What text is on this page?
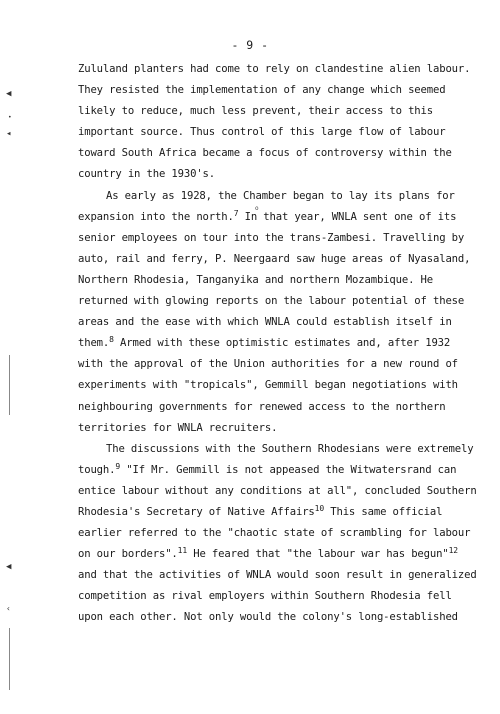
- 9 -
Zululand planters had come to rely on clandestine alien labour.
They resisted the implementation of any change which seemed
likely to reduce, much less prevent, their access to this
important source. Thus control of this large flow of labour
toward South Africa became a focus of controversy within the
country in the 1930's.
As early as 1928, the Chamber began to lay its plans for
expansion into the north.$^7$ In that year, WNLA sent one of its
senior employees on tour into the trans-Zambesi. Travelling by
auto, rail and ferry, P. Neergaard saw huge areas of Nyasaland,
Northern Rhodesia, Tanganyika and northern Mozambique. He
returned with glowing reports on the labour potential of these
areas and the ease with which WNLA could establish itself in
them.$^8$ Armed with these optimistic estimates and, after 1932
with the approval of the Union authorities for a new round of
experiments with "tropicals", Gemmill began negotiations with
neighbouring governments for renewed access to the northern
territories for WNLA recruiters.
The discussions with the Southern Rhodesians were extremely
tough.$^9$ "If Mr. Gemmill is not appeased the Witwatersrand can
entice labour without any conditions at all", concluded Southern
Rhodesia's Secretary of Native Affairs$^{10}$ This same official
earlier referred to the "chaotic state of scrambling for labour
on our borders".$^{11}$ He feared that "the labour war has begun"$^{12}$
and that the activities of WNLA would soon result in generalized
competition as rival employers within Southern Rhodesia fell
upon each other. Not only would the colony's long-established
◀
•
◂
◀
‹
o
